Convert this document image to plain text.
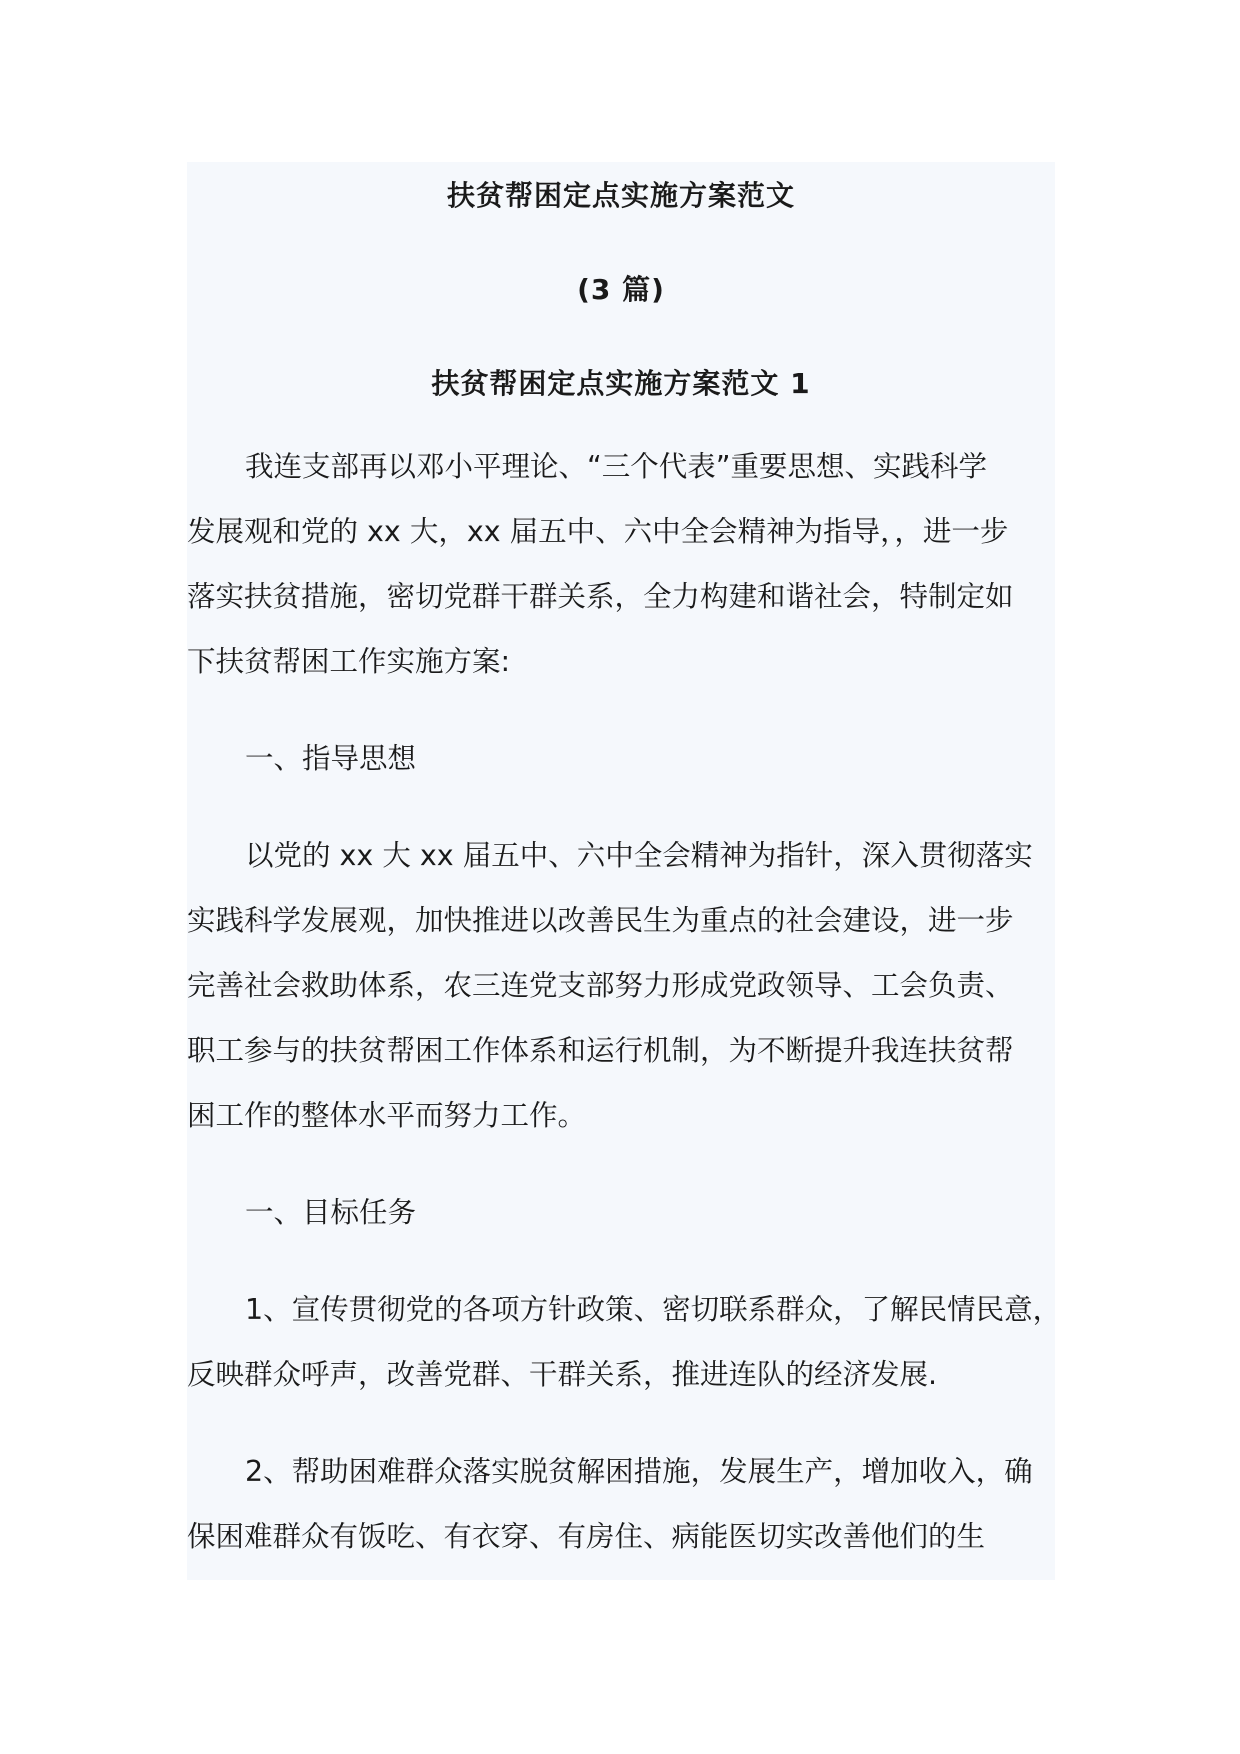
扶贫帮困定点实施方案范文
(3 篇)
扶贫帮困定点实施方案范文 1

我连支部再以邓小平理论、“三个代表”重要思想、实践科学
发展观和党的 xx 大，xx 届五中、六中全会精神为指导，，进一步
落实扶贫措施，密切党群干群关系，全力构建和谐社会，特制定如
下扶贫帮困工作实施方案:

一、指导思想

以党的 xx 大 xx 届五中、六中全会精神为指针，深入贯彻落实
实践科学发展观，加快推进以改善民生为重点的社会建设，进一步
完善社会救助体系，农三连党支部努力形成党政领导、工会负责、
职工参与的扶贫帮困工作体系和运行机制，为不断提升我连扶贫帮
困工作的整体水平而努力工作。

一、目标任务

1、宣传贯彻党的各项方针政策、密切联系群众，了解民情民意，
反映群众呼声，改善党群、干群关系，推进连队的经济发展.

2、帮助困难群众落实脱贫解困措施，发展生产，增加收入，确
保困难群众有饭吃、有衣穿、有房住、病能医切实改善他们的生
